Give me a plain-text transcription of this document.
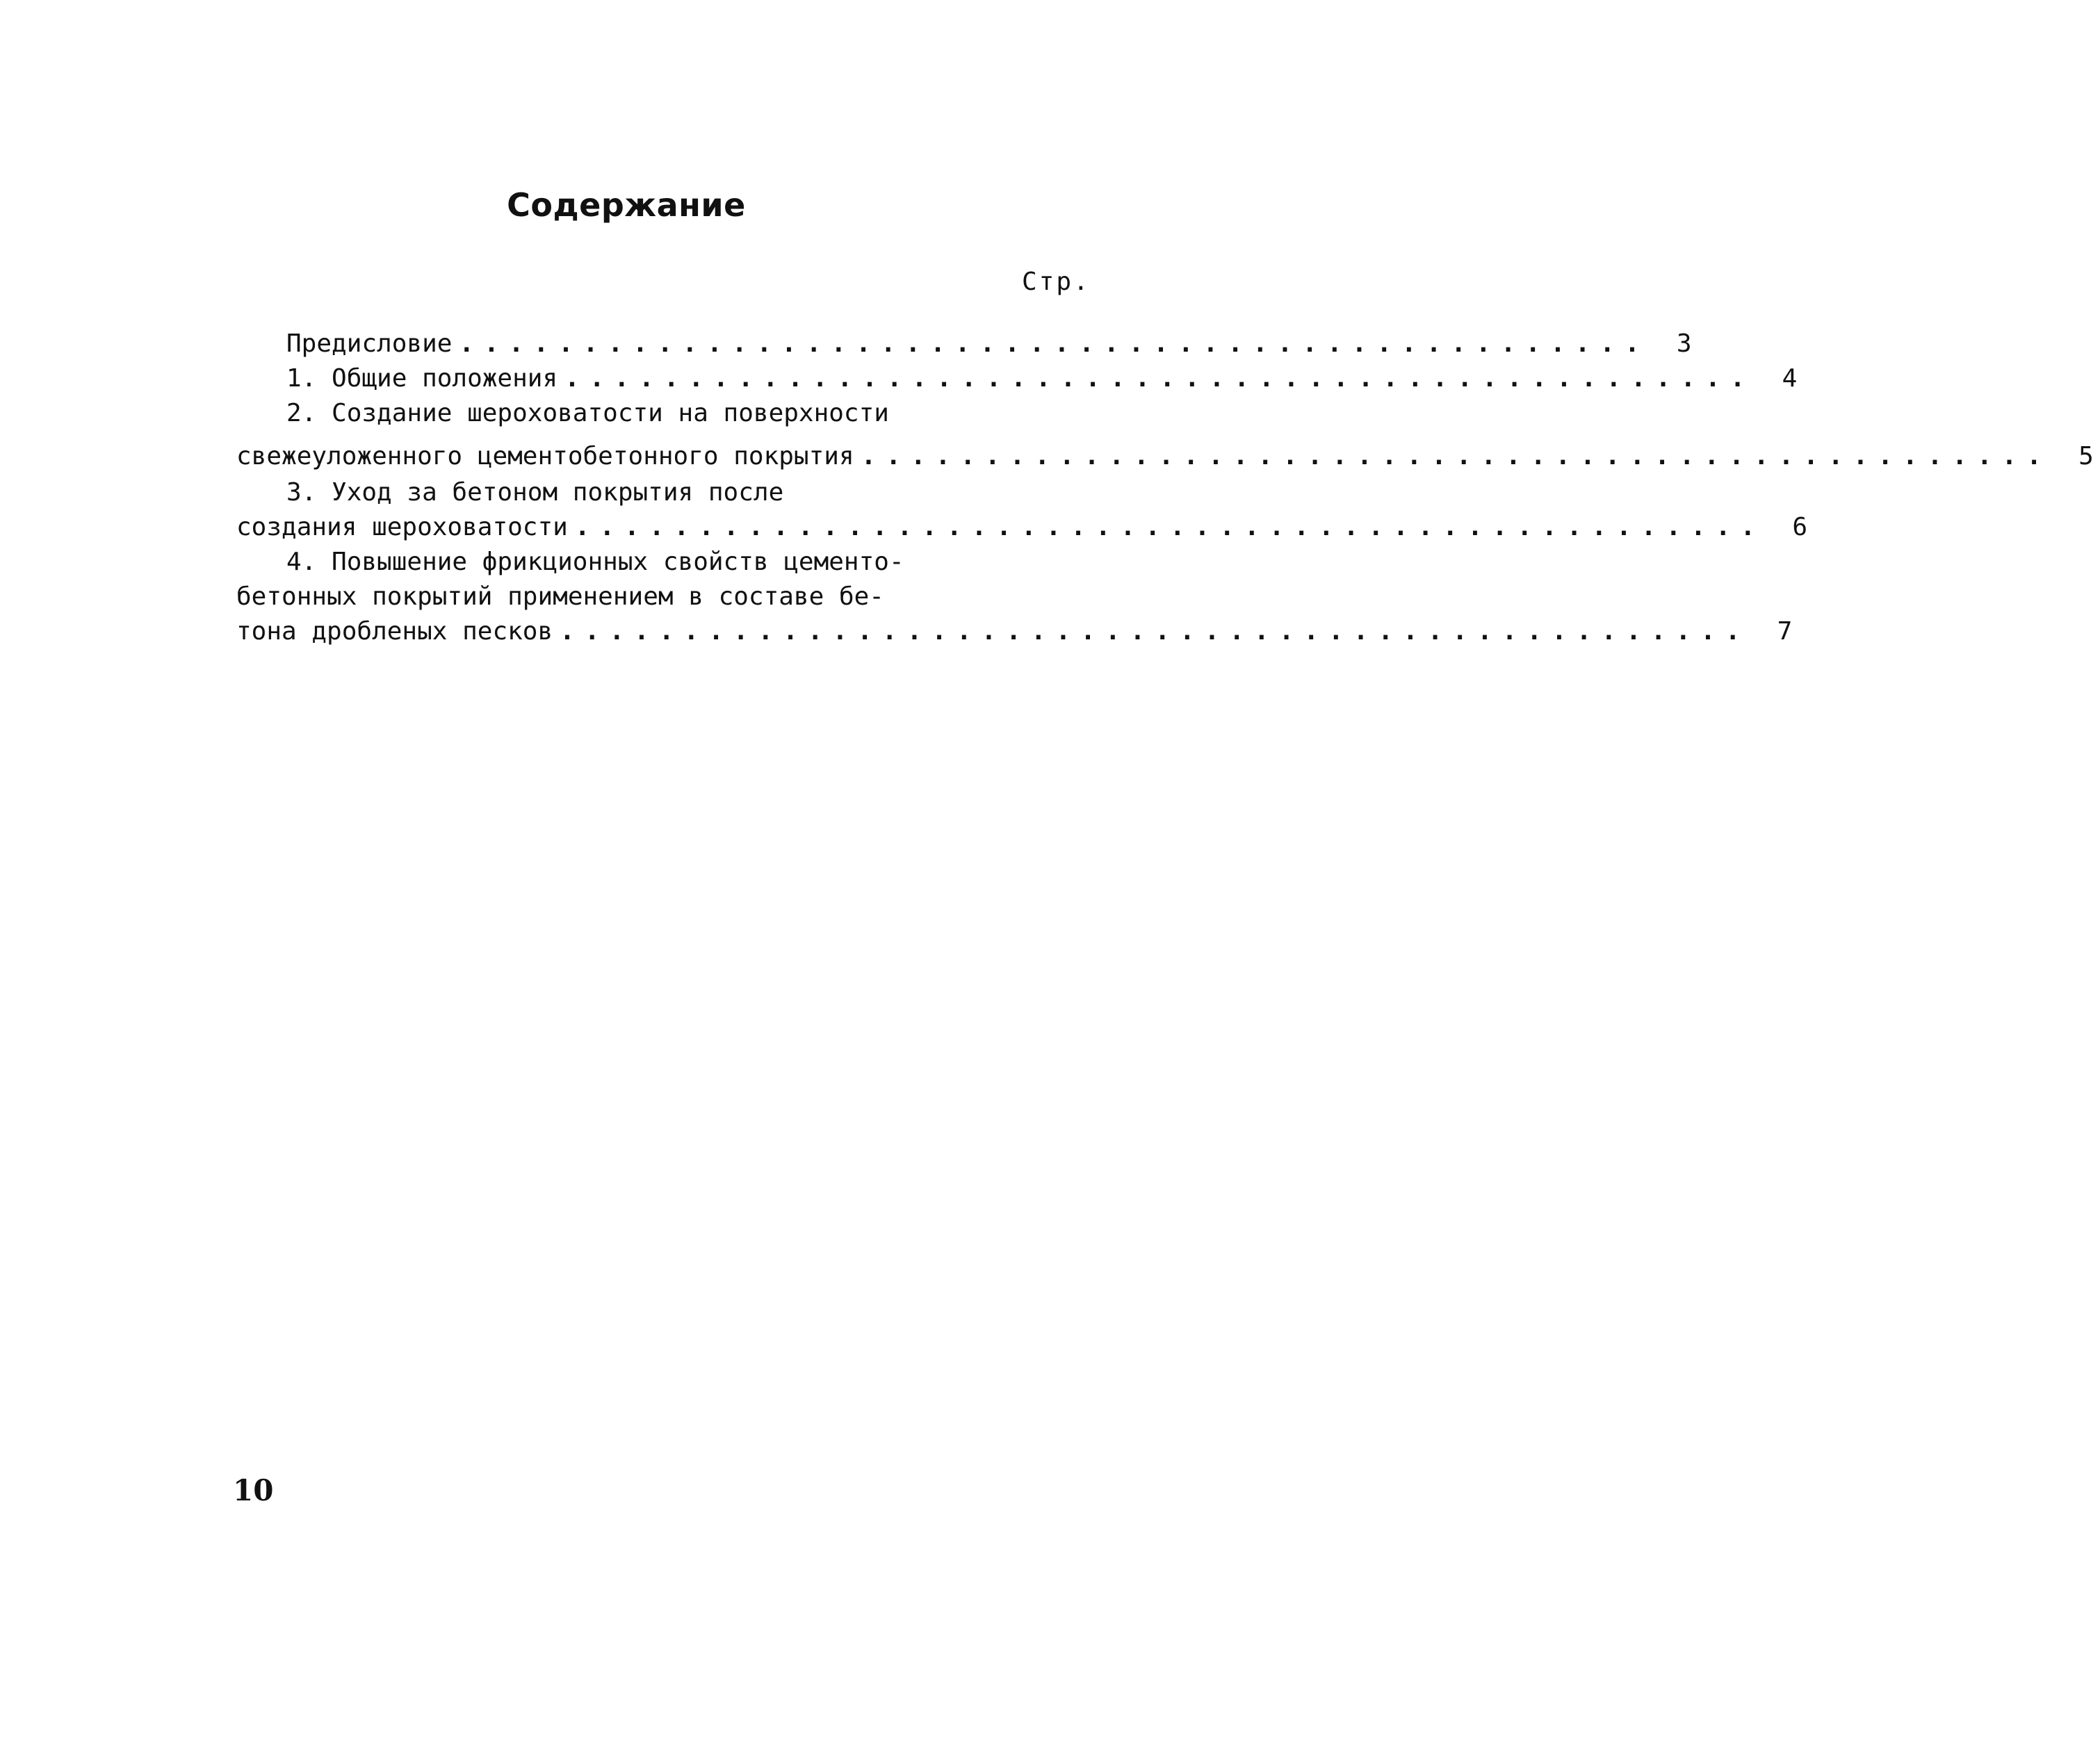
Содержание
Стр.
Предисловие ................................................ 3
1. Общие положения ................................................ 4
2. Создание шероховатости на поверхности
свежеуложенного цементобетонного покрытия ................................................ 5
3. Уход за бетоном покрытия после
создания шероховатости ................................................ 6
4. Повышение фрикционных свойств цементо-
бетонных покрытий применением в составе бе-
тона дробленых песков ................................................ 7
10
